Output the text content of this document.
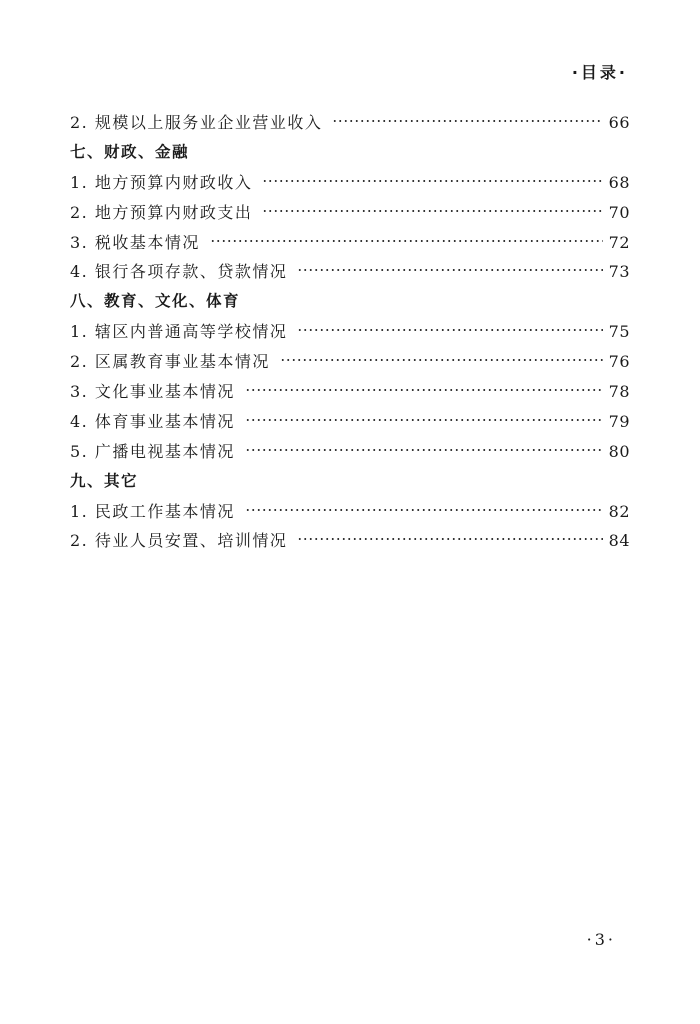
·目录·
2. 规模以上服务业企业营业收入	66
七、财政、金融
1. 地方预算内财政收入	68
2. 地方预算内财政支出	70
3. 税收基本情况	72
4. 银行各项存款、贷款情况	73
八、教育、文化、体育
1. 辖区内普通高等学校情况	75
2. 区属教育事业基本情况	76
3. 文化事业基本情况	78
4. 体育事业基本情况	79
5. 广播电视基本情况	80
九、其它
1. 民政工作基本情况	82
2. 待业人员安置、培训情况	84
·3·
